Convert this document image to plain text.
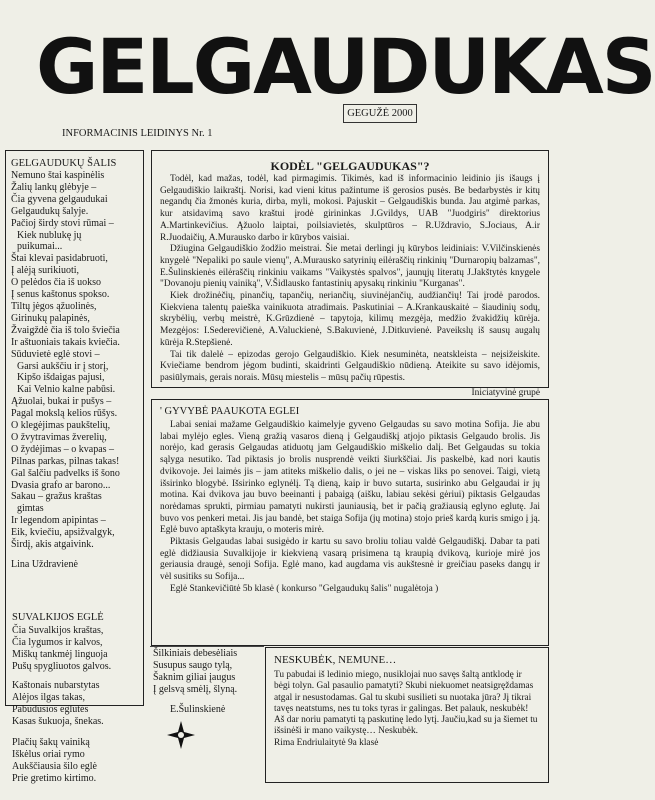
GELGAUDUKAS
GEGUŽĖ 2000
INFORMACINIS LEIDINYS Nr. 1
GELGAUDUKŲ ŠALIS
Nemuno štai kaspinėlis
Žalių lankų glėbyje –
Čia gyvena gelgaudukai
Gelgaudukų šalyje.
Pačioj širdy stovi rūmai –
Kiek nublukę jų
puikumai...
Štai klevai pasidabruoti,
Į alėją surikiuoti,
O pelėdos čia iš uokso
Į senus kaštonus spokso.
Tiltų jėgos ąžuolinės,
Girinukų palapinės,
Žvaigždė čia iš tolo šviečia
Ir aštuoniais takais kviečia.
Sūduvietė eglė stovi –
Garsi aukščiu ir į storį,
Kipšo išdaigas pajusi,
Kai Velnio kalne pabūsi.
Ąžuolai, bukai ir pušys –
Pagal mokslą kelios rūšys.
O klegėjimas paukštelių,
O žvytravimas žverelių,
O žydėjimas – o kvapas –
Pilnas parkas, pilnas takas!
Gal šalčiu padvelks iš šono
Dvasia grafo ar barono...
Sakau – gražus kraštas
gimtas
Ir legendom apipintas –
Eik, kviečiu, apsižvalgyk,
Širdį, akis atgaivink.
Lina Uždravienė
KODĖL "GELGAUDUKAS"?

Todėl, kad mažas, todėl, kad pirmagimis. Tikimės, kad iš informacinio leidinio jis išaugs į Gelgaudiškio laikraštį. Norisi, kad vieni kitus pažintume iš gerosios pusės. Be bedarbystės ir kitų negandų čia žmonės kuria, dirba, myli, mokosi. Pajuskit – Gelgaudiškis bunda. Jau atgimė parkas, kur atsidavimą savo kraštui įrodė girininkas J.Gvildys, UAB "Juodgiris" direktorius A.Martinkevičius. Ąžuolo laiptai, poilsiavietės, skulptūros – R.Uždravio, S.Jociaus, A.ir R.Juodaičių, A.Murausko darbo ir kūrybos vaisiai.

Džiugina Gelgaudiškio žodžio meistrai. Šie metai derlingi jų kūrybos leidiniais: V.Vilčinskienės knygelė "Nepaliki po saule vienų", A.Murausko satyrinių eilėraščių rinkinių "Durnaropių balzamas", E.Šulinskienės eilėraščių rinkiniu vaikams "Vaikystės spalvos", jaunųjų literatų J.Jakštytės knygele "Dovanoju pienių vainiką", V.Šidlausko fantastinių apysakų rinkiniu "Kurganas".

Kiek drožinėčių, pinančių, tapančių, neriančių, siuvinėjančių, audžiančių! Tai įrodė parodos. Kiekviena talentų paieška vainikuota atradimais. Paskutiniai – A.Krankauskaitė – šiaudinių sodų, skrybėlių, verbų meistrė, K.Grūzdienė – tapytoja, kilimų mezgėja, medžio žvakidžių kūrėja. Mezgėjos: I.Sederevičienė, A.Valuckienė, S.Bakuvienė, J.Ditkuvienė. Paveikslų iš sausų augalų kūrėja R.Stepšienė.

Tai tik dalelė – epizodas gerojo Gelgaudiškio. Kiek nesuminėta, neatskleista – neįsižeiskite. Kviečiame bendrom jėgom budinti, skaidrinti Gelgaudiškio nūdieną. Ateikite su savo idėjomis, pasiūlymais, gerais norais. Mūsų miestelis – mūsų pačių rūpestis.

Iniciatyvinė grupė
' GYVYBĖ PAAUKOTA EGLEI

Labai seniai mažame Gelgaudiškio kaimelyje gyveno Gelgaudas su savo motina Sofija. Jie abu labai mylėjo egles. Vieną gražią vasaros dieną į Gelgaudiškį atjojo piktasis Gelgaudo brolis. Jis norėjo, kad gerasis Gelgaudas atiduotų jam Gelgaudiškio miškelio dalį. Bet Gelgaudas su tokia sąlyga nesutiko. Tad piktasis jo brolis nusprendė veikti šiurkščiai. Jis paskelbė, kad nori kautis dvikovoje. Jei laimės jis – jam atiteks miškelio dalis, o jei ne – viskas liks po senovei. Taigi, vietą išsirinko blogybė. Išsirinko eglynėlį. Tą dieną, kaip ir buvo sutarta, susirinko abu Gelgaudai ir jų motina. Kai dvikova jau buvo beeinanti į pabaigą (aišku, labiau sekėsi gėriui) piktasis Gelgaudas norėdamas sprukti, pirmiau pamatyti nukirsti jauniausią, bet ir pačią gražiausią eglyno eglutę. Jai buvo vos penkeri metai. Jis jau bandė, bet staiga Sofija (jų motina) stojo prieš kardą kuris smigo į ją. Eglė buvo aptaškyta krauju, o moteris mirė.

Piktasis Gelgaudas labai susigėdo ir kartu su savo broliu toliau valdė Gelgaudiškį. Dabar ta pati eglė didžiausia Suvalkijoje ir kiekvieną vasarą prisimena tą kraupią dvikovą, kurioje mirė jos geriausia draugė, senoji Sofija. Eglė mano, kad augdama vis aukštesnė ir greičiau paseks dangų ir vėl susitiks su Sofija...

Eglė Stankevičiūtė 5b klasė ( konkurso "Gelgaudukų šalis" nugalėtoja )

NESKUBĖK, NEMUNE…

Tu pabudai iš ledinio miego, nusiklojai nuo savęs šaltą antklodę ir bėgi tolyn. Gal pasaulio pamatyti? Skubi niekuomet neatsigręždamas atgal ir nesustodamas. Gal tu skubi susilieti su nuotaka jūra? Jį tikrai tavęs neatstums, nes tu toks tyras ir galingas. Bet palauk, neskubėk! Aš dar noriu pamatyti tą paskutinę ledo lytį. Jaučiu,kad su ja šiemet tu išsinėši ir mano vaikystę… Neskubėk.

Rima Endriulaitytė 9a klasė
SUVALKIJOS EGLĖ
Čia Suvalkijos kraštas,
Čia lygumos ir kalvos,
Miškų tankmėj linguoja
Pušų spygliuotos galvos.
Kaštonais nubarstytas
Alėjos ilgas takas,
Pabudusios eglutės
Kasas šukuoja, šnekas.
Plačių šakų vainiką
Iškėlus oriai rymo
Aukščiausia šilo eglė
Prie gretimo kirtimo.
Šilkiniais debesėliais
Susupus saugo tylą,
Šaknim giliai įaugus
Į gelsvą smėlį, šlyną.
E.Šulinskienė
